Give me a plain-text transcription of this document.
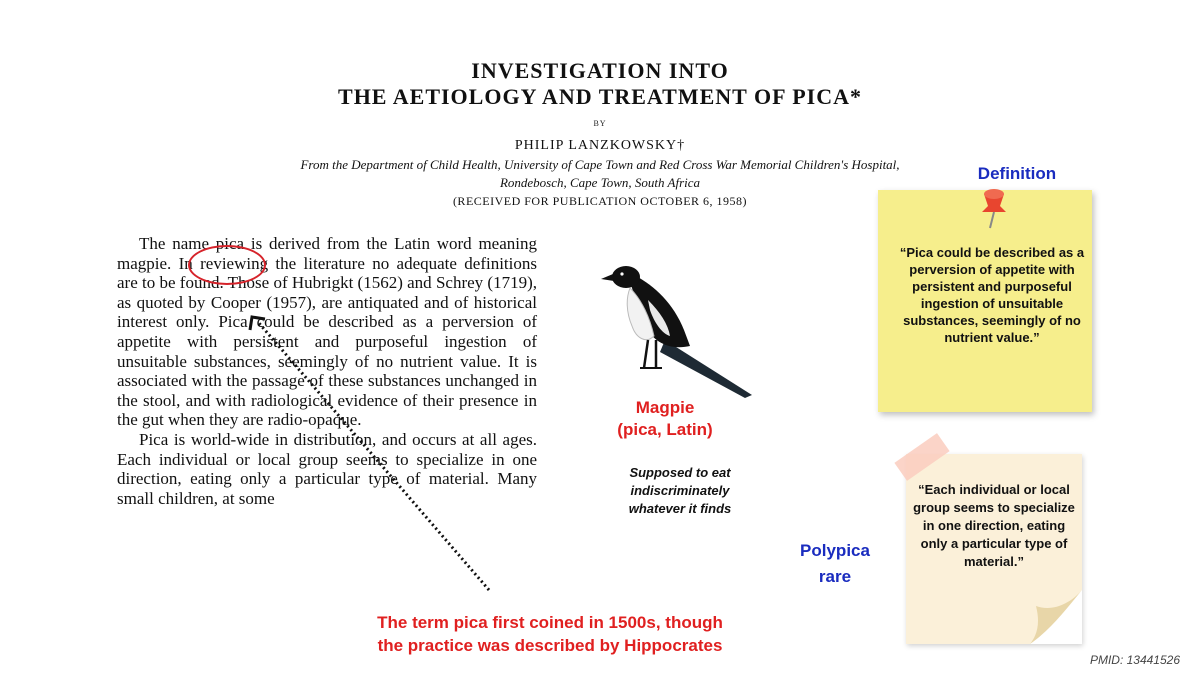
INVESTIGATION INTO
THE AETIOLOGY AND TREATMENT OF PICA*
BY
PHILIP LANZKOWSKY†
From the Department of Child Health, University of Cape Town and Red Cross War Memorial Children's Hospital,
Rondebosch, Cape Town, South Africa
(RECEIVED FOR PUBLICATION OCTOBER 6, 1958)

The name pica is derived from the Latin word meaning magpie. In reviewing the literature no adequate definitions are to be found. Those of Hubrigkt (1562) and Schrey (1719), as quoted by Cooper (1957), are antiquated and of historical interest only. Pica could be described as a perversion of appetite with persistent and purposeful ingestion of unsuitable substances, seemingly of no nutrient value. It is associated with the passage of these substances unchanged in the stool, and with radiological evidence of their presence in the gut when they are radio-opaque.

Pica is world-wide in distribution, and occurs at all ages. Each individual or local group seems to specialize in one direction, eating only a particular type of material. Many small children, at some

Magpie
(pica, Latin)
Supposed to eat
indiscriminately
whatever it finds
The term pica first coined in 1500s, though
the practice was described by Hippocrates
Definition
“Pica could be described as a perversion of appetite with persistent and purposeful ingestion of unsuitable substances, seemingly of no nutrient value.”
Polypica
rare
“Each individual or local group seems to specialize in one direction, eating only a particular type of material.”
PMID: 13441526
